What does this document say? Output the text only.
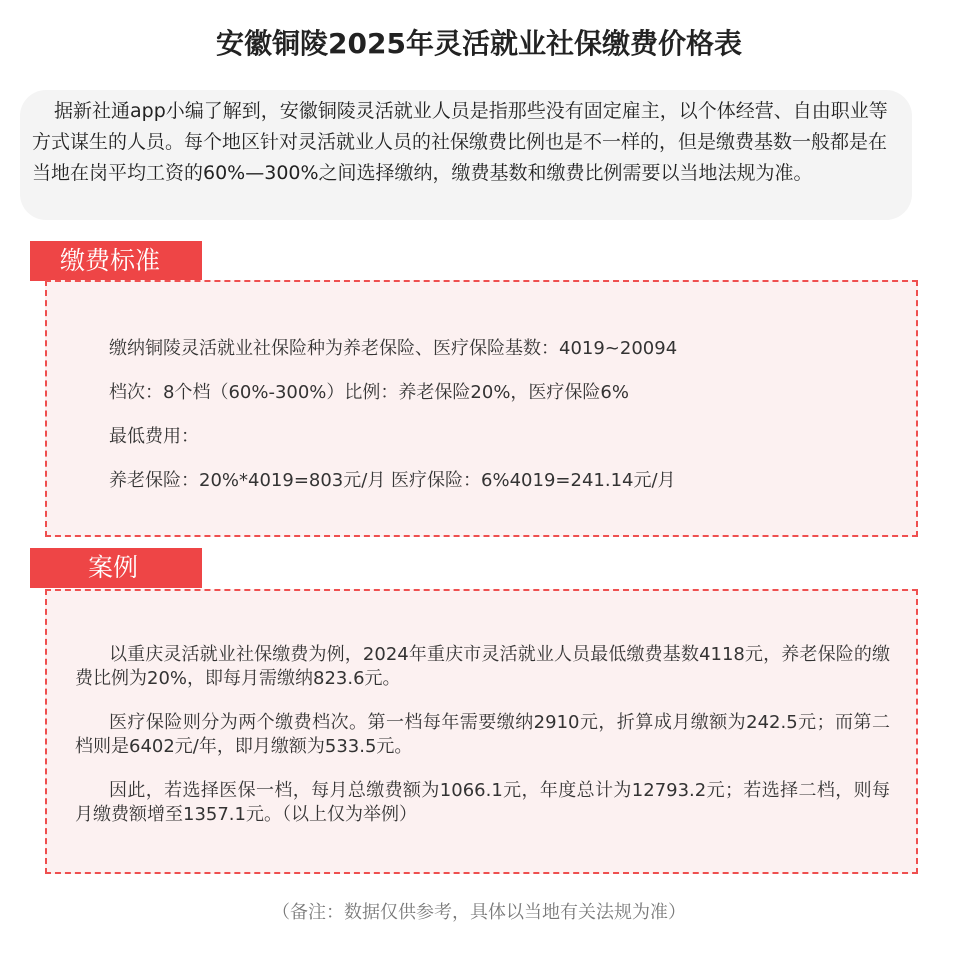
安徽铜陵2025年灵活就业社保缴费价格表
据新社通app小编了解到，安徽铜陵灵活就业人员是指那些没有固定雇主，以个体经营、自由职业等方式谋生的人员。每个地区针对灵活就业人员的社保缴费比例也是不一样的，但是缴费基数一般都是在当地在岗平均工资的60%—300%之间选择缴纳，缴费基数和缴费比例需要以当地法规为准。
缴费标准
缴纳铜陵灵活就业社保险种为养老保险、医疗保险基数：4019~20094
档次：8个档（60%-300%）比例：养老保险20%，医疗保险6%
最低费用：
养老保险：20%*4019=803元/月 医疗保险：6%4019=241.14元/月
案例
以重庆灵活就业社保缴费为例，2024年重庆市灵活就业人员最低缴费基数4118元，养老保险的缴费比例为20%，即每月需缴纳823.6元。
医疗保险则分为两个缴费档次。第一档每年需要缴纳2910元，折算成月缴额为242.5元；而第二档则是6402元/年，即月缴额为533.5元。
因此，若选择医保一档，每月总缴费额为1066.1元，年度总计为12793.2元；若选择二档，则每月缴费额增至1357.1元。（以上仅为举例）
（备注：数据仅供参考，具体以当地有关法规为准）
